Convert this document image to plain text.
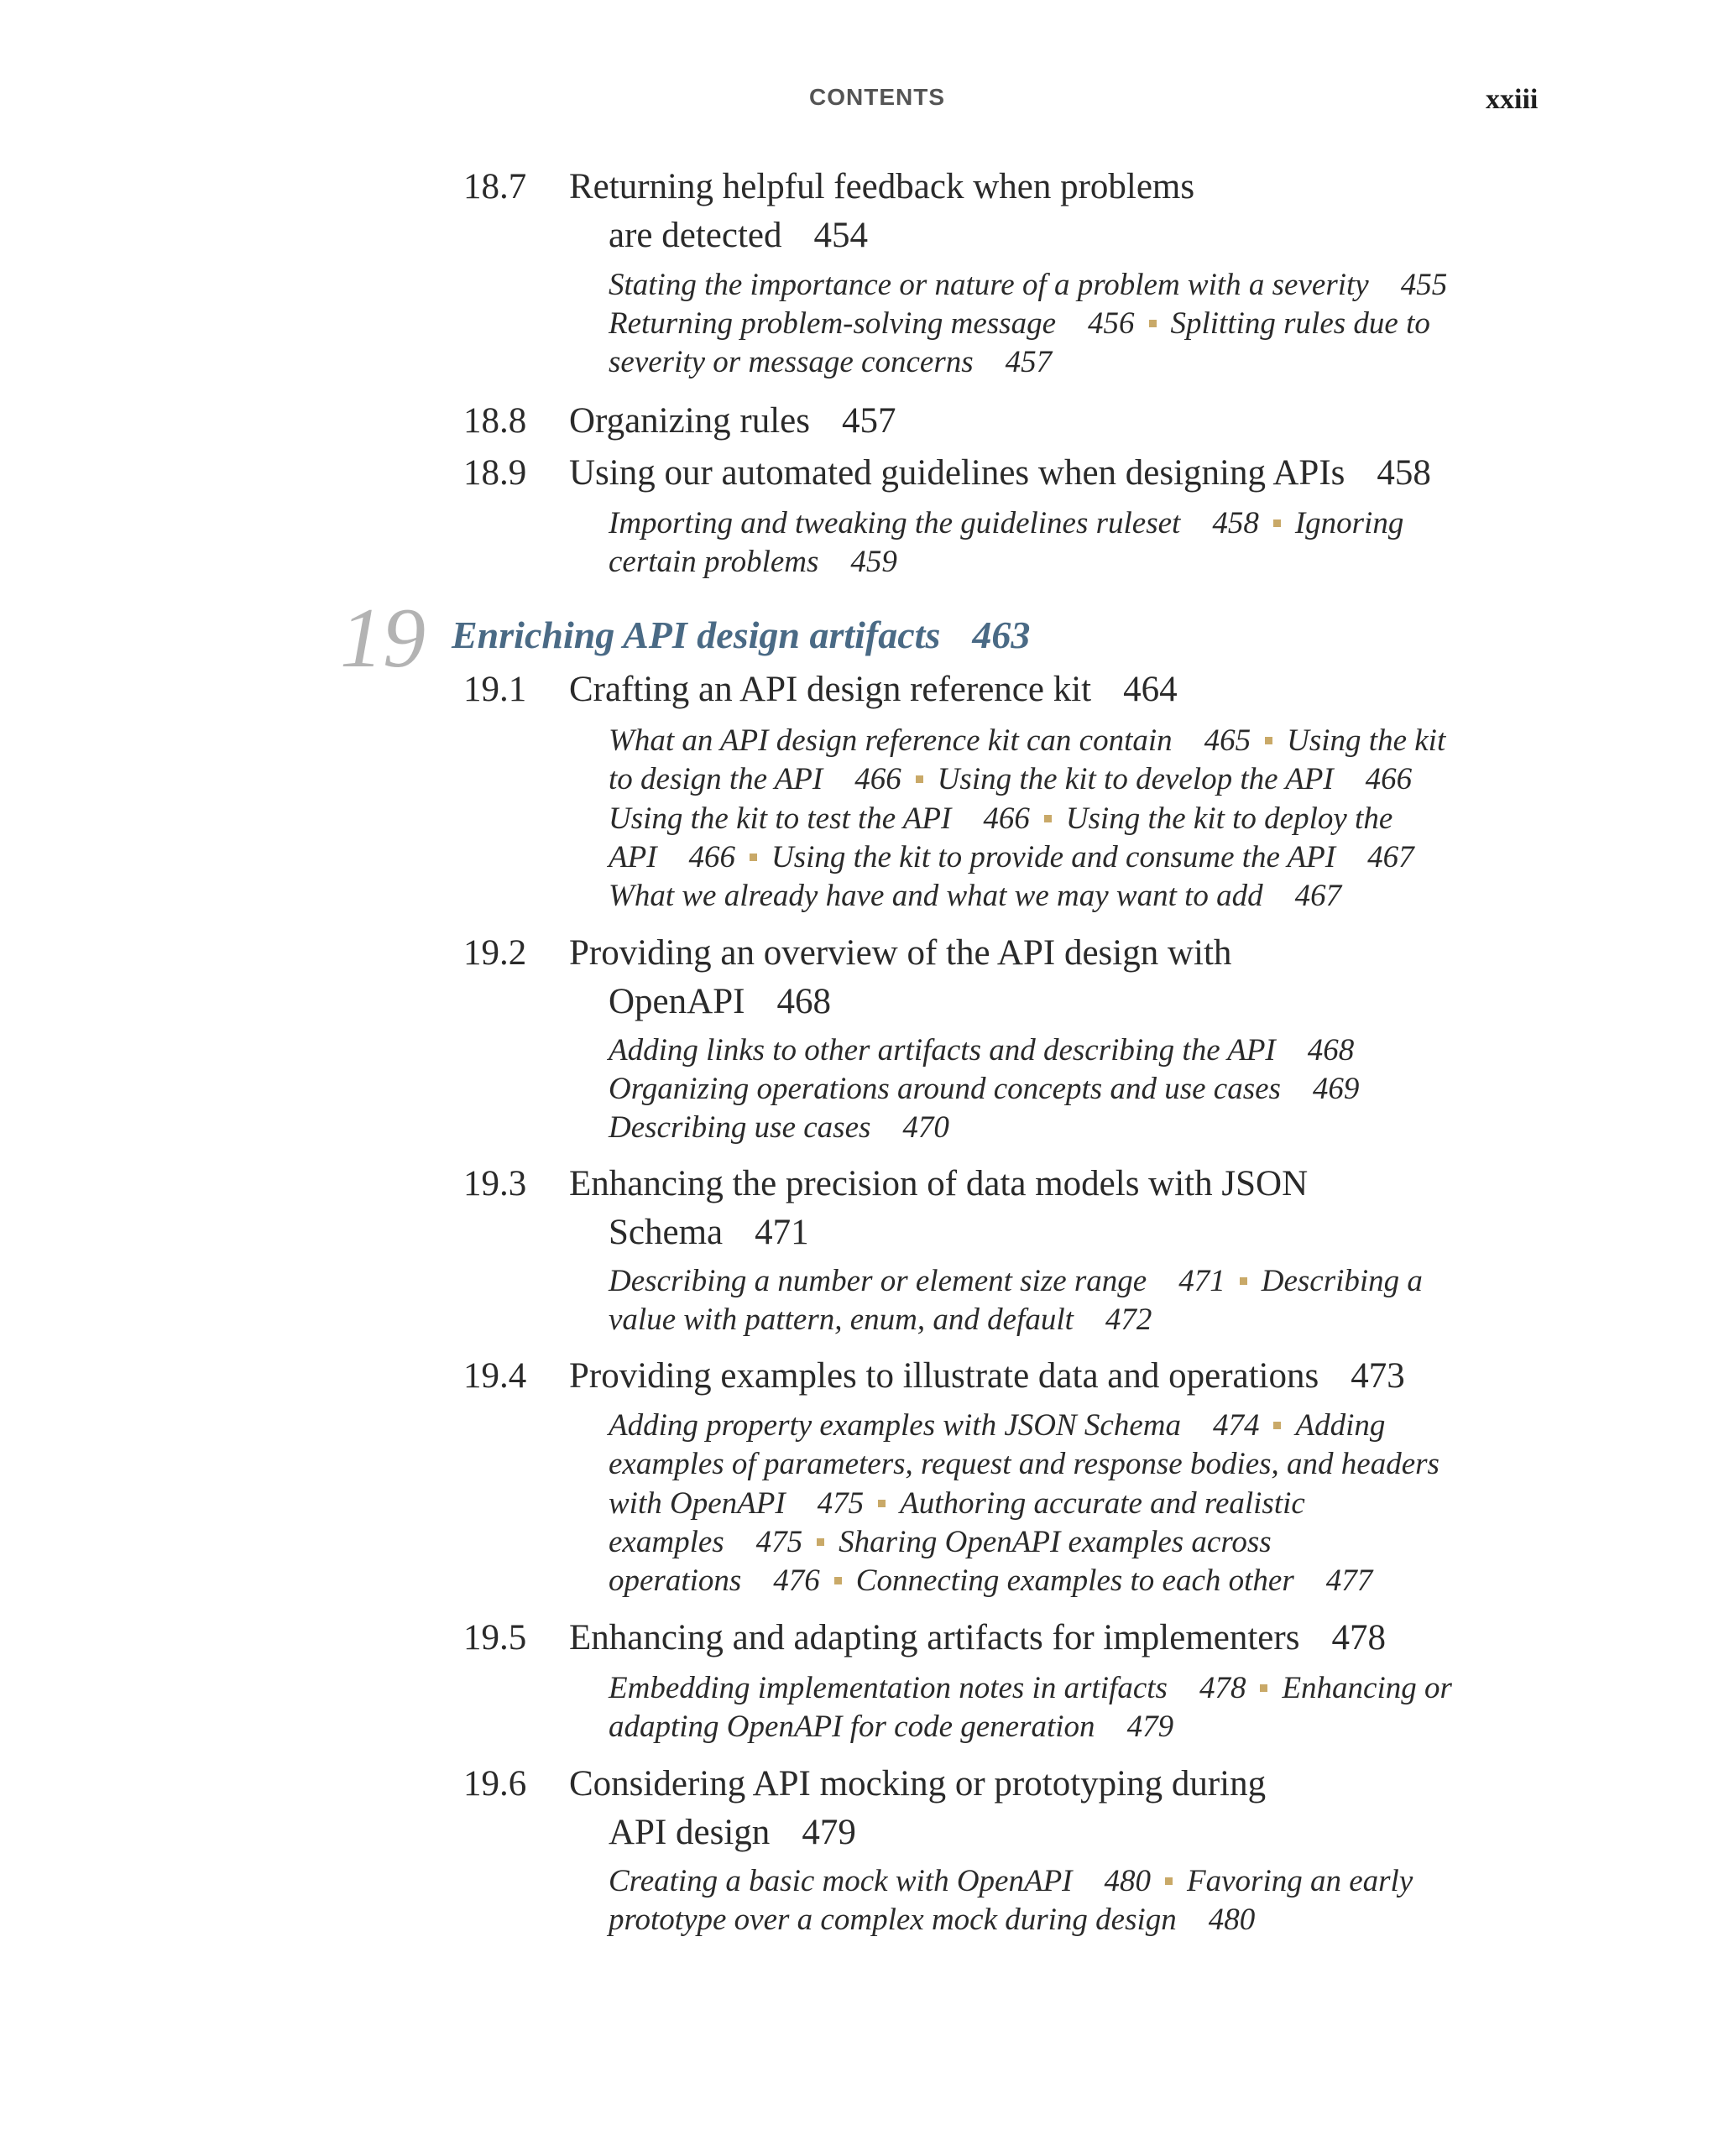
CONTENTS	xxiii
18.7 Returning helpful feedback when problems
are detected 454
Stating the importance or nature of a problem with a severity 455
Returning problem-solving message 456 Splitting rules due to
severity or message concerns 457
18.8 Organizing rules 457
18.9 Using our automated guidelines when designing APIs 458
Importing and tweaking the guidelines ruleset 458 Ignoring
certain problems 459
19 Enriching API design artifacts 463
19.1 Crafting an API design reference kit 464
What an API design reference kit can contain 465 Using the kit
to design the API 466 Using the kit to develop the API 466
Using the kit to test the API 466 Using the kit to deploy the
API 466 Using the kit to provide and consume the API 467
What we already have and what we may want to add 467
19.2 Providing an overview of the API design with
OpenAPI 468
Adding links to other artifacts and describing the API 468
Organizing operations around concepts and use cases 469
Describing use cases 470
19.3 Enhancing the precision of data models with JSON
Schema 471
Describing a number or element size range 471 Describing a
value with pattern, enum, and default 472
19.4 Providing examples to illustrate data and operations 473
Adding property examples with JSON Schema 474 Adding
examples of parameters, request and response bodies, and headers
with OpenAPI 475 Authoring accurate and realistic
examples 475 Sharing OpenAPI examples across
operations 476 Connecting examples to each other 477
19.5 Enhancing and adapting artifacts for implementers 478
Embedding implementation notes in artifacts 478 Enhancing or
adapting OpenAPI for code generation 479
19.6 Considering API mocking or prototyping during
API design 479
Creating a basic mock with OpenAPI 480 Favoring an early
prototype over a complex mock during design 480
